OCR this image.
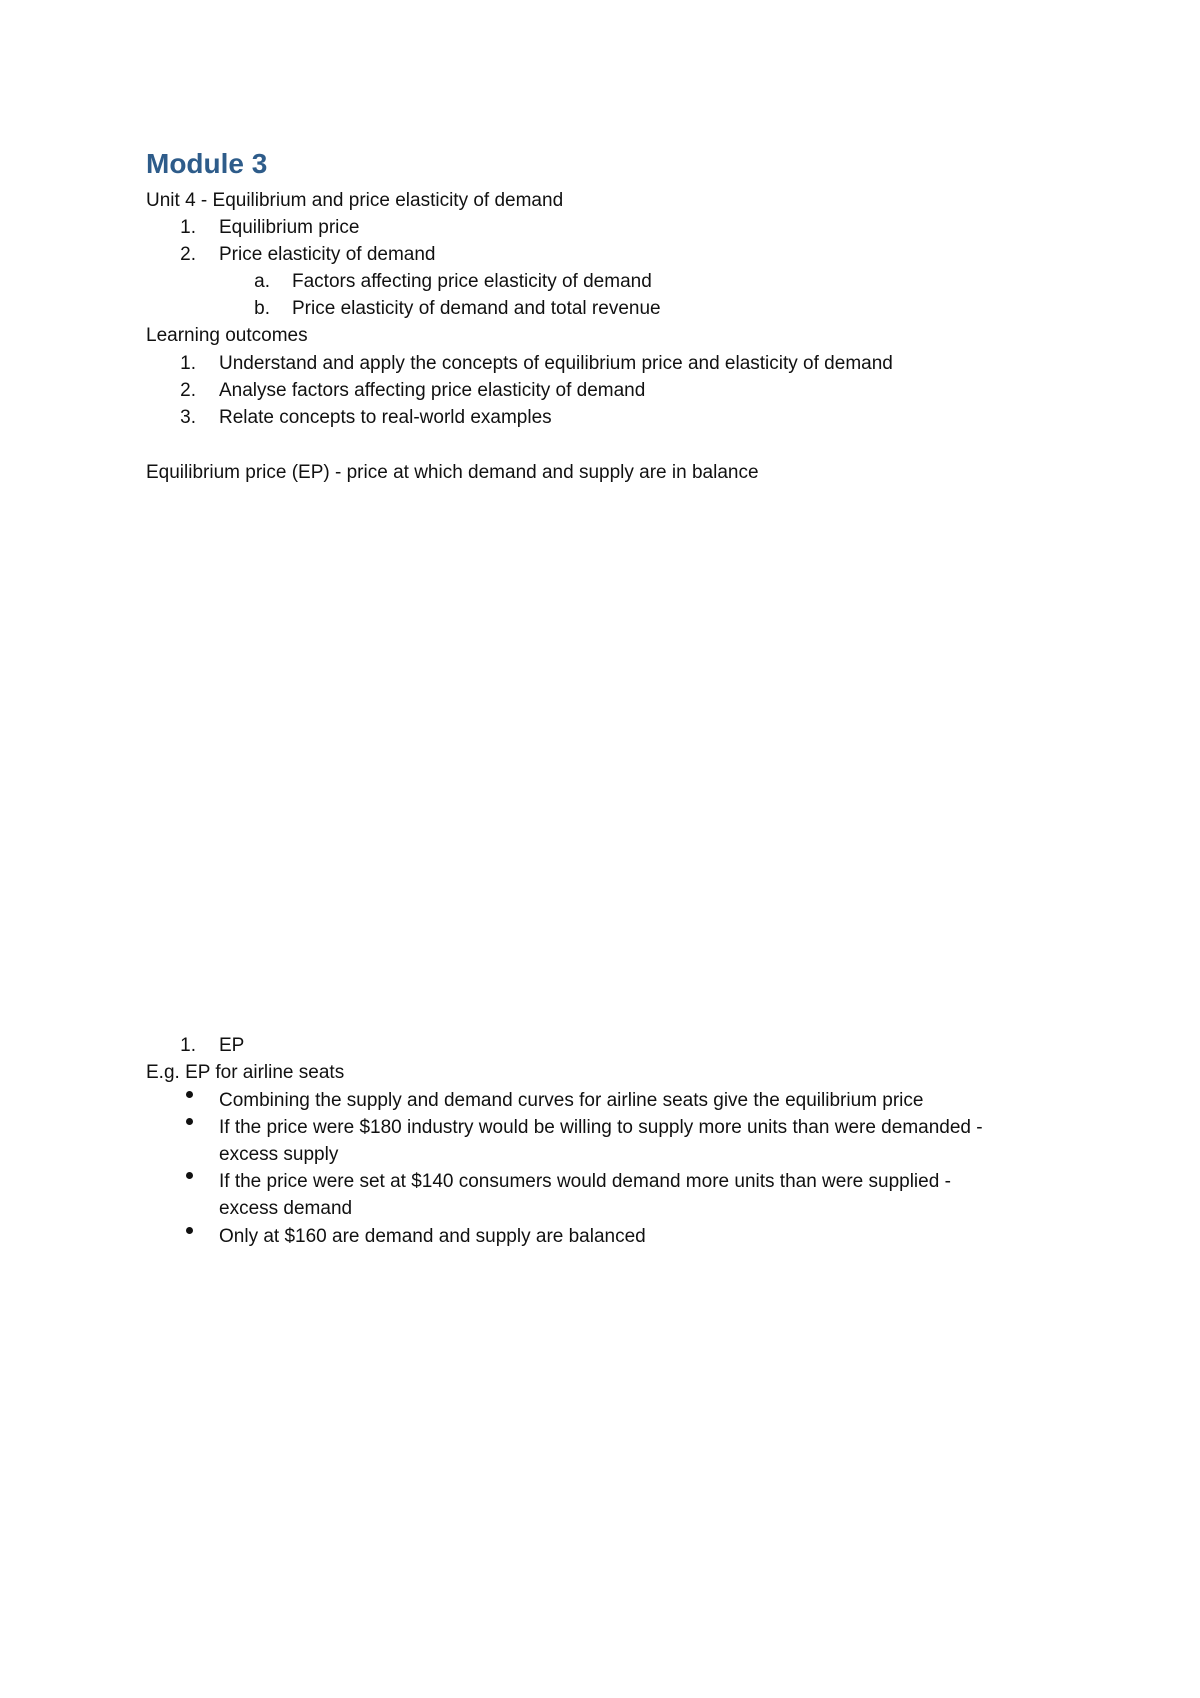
Module 3
Unit 4 - Equilibrium and price elasticity of demand
1. Equilibrium price
2. Price elasticity of demand
a. Factors affecting price elasticity of demand
b. Price elasticity of demand and total revenue
Learning outcomes
1. Understand and apply the concepts of equilibrium price and elasticity of demand
2. Analyse factors affecting price elasticity of demand
3. Relate concepts to real-world examples
Equilibrium price (EP) - price at which demand and supply are in balance
1. EP
E.g. EP for airline seats
Combining the supply and demand curves for airline seats give the equilibrium price
If the price were $180 industry would be willing to supply more units than were demanded -
excess supply
If the price were set at $140 consumers would demand more units than were supplied -
excess demand
Only at $160 are demand and supply are balanced
